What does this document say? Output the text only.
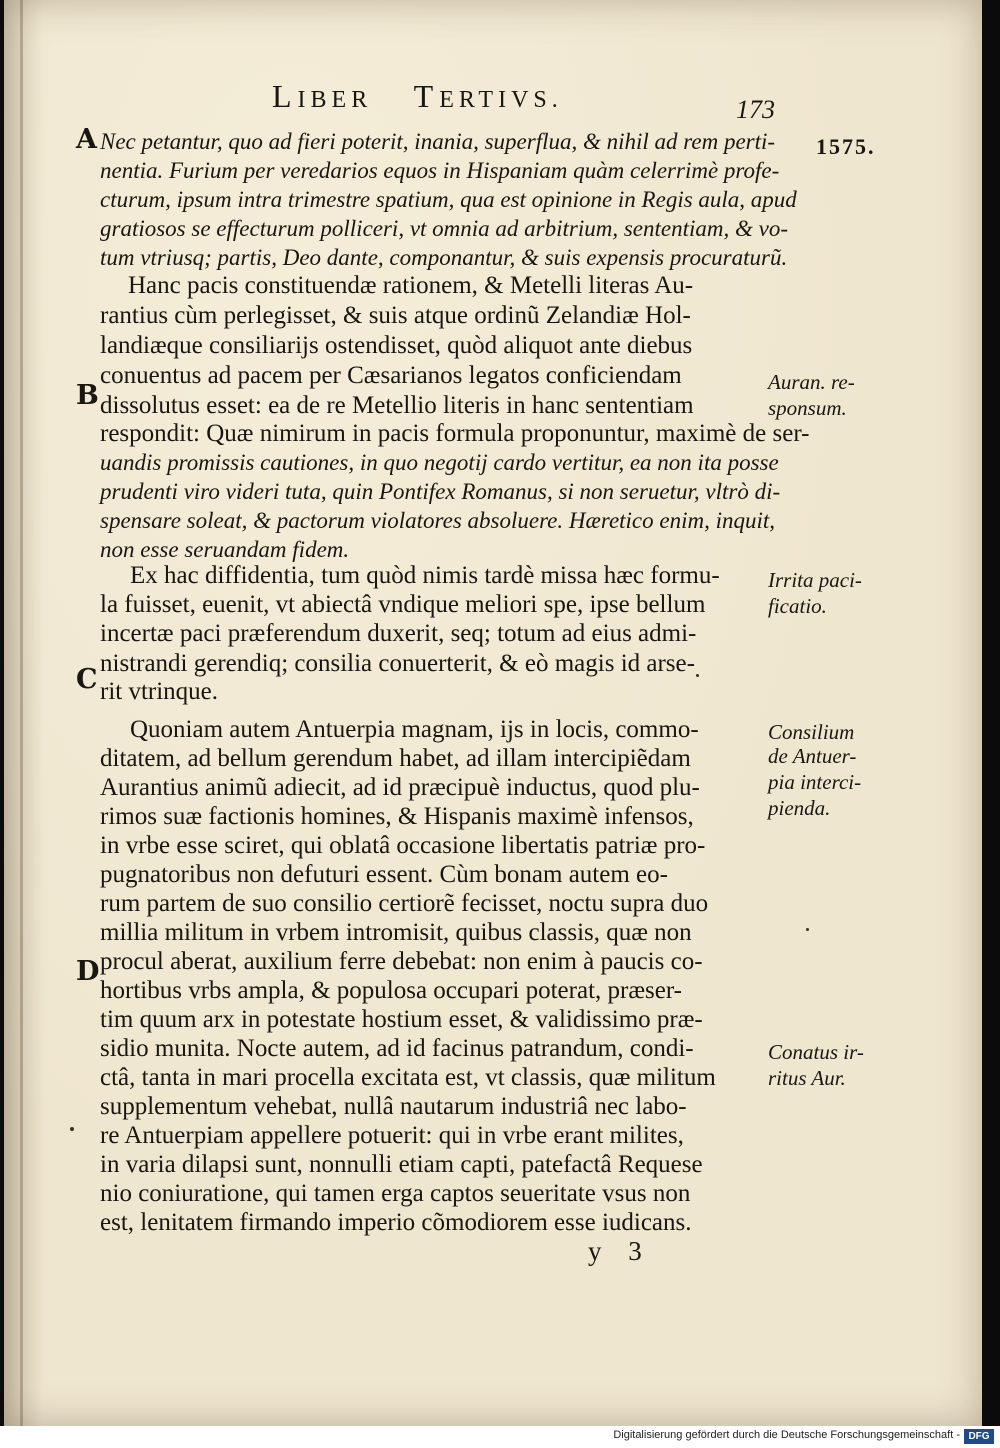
LIBER TERTIVS.	173
1575.
A
B
C
D
Nec petantur, quo ad fieri poterit, inania, superflua, & nihil ad rem perti-
nentia. Furium per veredarios equos in Hispaniam quàm celerrimè profe-
cturum, ipsum intra trimestre spatium, qua est opinione in Regis aula, apud
gratiosos se effecturum polliceri, vt omnia ad arbitrium, sententiam, & vo-
tum vtriusq; partis, Deo dante, componantur, & suis expensis procuraturũ.
Hanc pacis constituendæ rationem, & Metelli literas Au-
rantius cùm perlegisset, & suis atque ordinũ Zelandiæ Hol-
landiæque consiliarijs ostendisset, quòd aliquot ante diebus
conuentus ad pacem per Cæsarianos legatos conficiendam
dissolutus esset: ea de re Metellio literis in hanc sententiam
respondit: Quæ nimirum in pacis formula proponuntur, maximè de ser-
uandis promissis cautiones, in quo negotij cardo vertitur, ea non ita posse
prudenti viro videri tuta, quin Pontifex Romanus, si non seruetur, vltrò di-
spensare soleat, & pactorum violatores absoluere. Hæretico enim, inquit,
non esse seruandam fidem.
Ex hac diffidentia, tum quòd nimis tardè missa hæc formu-
la fuisset, euenit, vt abiectâ vndique meliori spe, ipse bellum
incertæ paci præferendum duxerit, seq; totum ad eius admi-
nistrandi gerendiq; consilia conuerterit, & eò magis id arse-
rit vtrinque.
Quoniam autem Antuerpia magnam, ijs in locis, commo-
ditatem, ad bellum gerendum habet, ad illam intercipiẽdam
Aurantius animũ adiecit, ad id præcipuè inductus, quod plu-
rimos suæ factionis homines, & Hispanis maximè infensos,
in vrbe esse sciret, qui oblatâ occasione libertatis patriæ pro-
pugnatoribus non defuturi essent. Cùm bonam autem eo-
rum partem de suo consilio certiorẽ fecisset, noctu supra duo
millia militum in vrbem intromisit, quibus classis, quæ non
procul aberat, auxilium ferre debebat: non enim à paucis co-
hortibus vrbs ampla, & populosa occupari poterat, præser-
tim quum arx in potestate hostium esset, & validissimo præ-
sidio munita. Nocte autem, ad id facinus patrandum, condi-
ctâ, tanta in mari procella excitata est, vt classis, quæ militum
supplementum vehebat, nullâ nautarum industriâ nec labo-
re Antuerpiam appellere potuerit: qui in vrbe erant milites,
in varia dilapsi sunt, nonnulli etiam capti, patefactâ Requese
nio coniuratione, qui tamen erga captos seueritate vsus non
est, lenitatem firmando imperio cõmodiorem esse iudicans.
Auran. re-
sponsum.
Irrita paci-
ficatio.
Consilium
de Antuer-
pia interci-
pienda.
Conatus ir-
ritus Aur.
y 3
Digitalisierung gefördert durch die Deutsche Forschungsgemeinschaft - DFG
